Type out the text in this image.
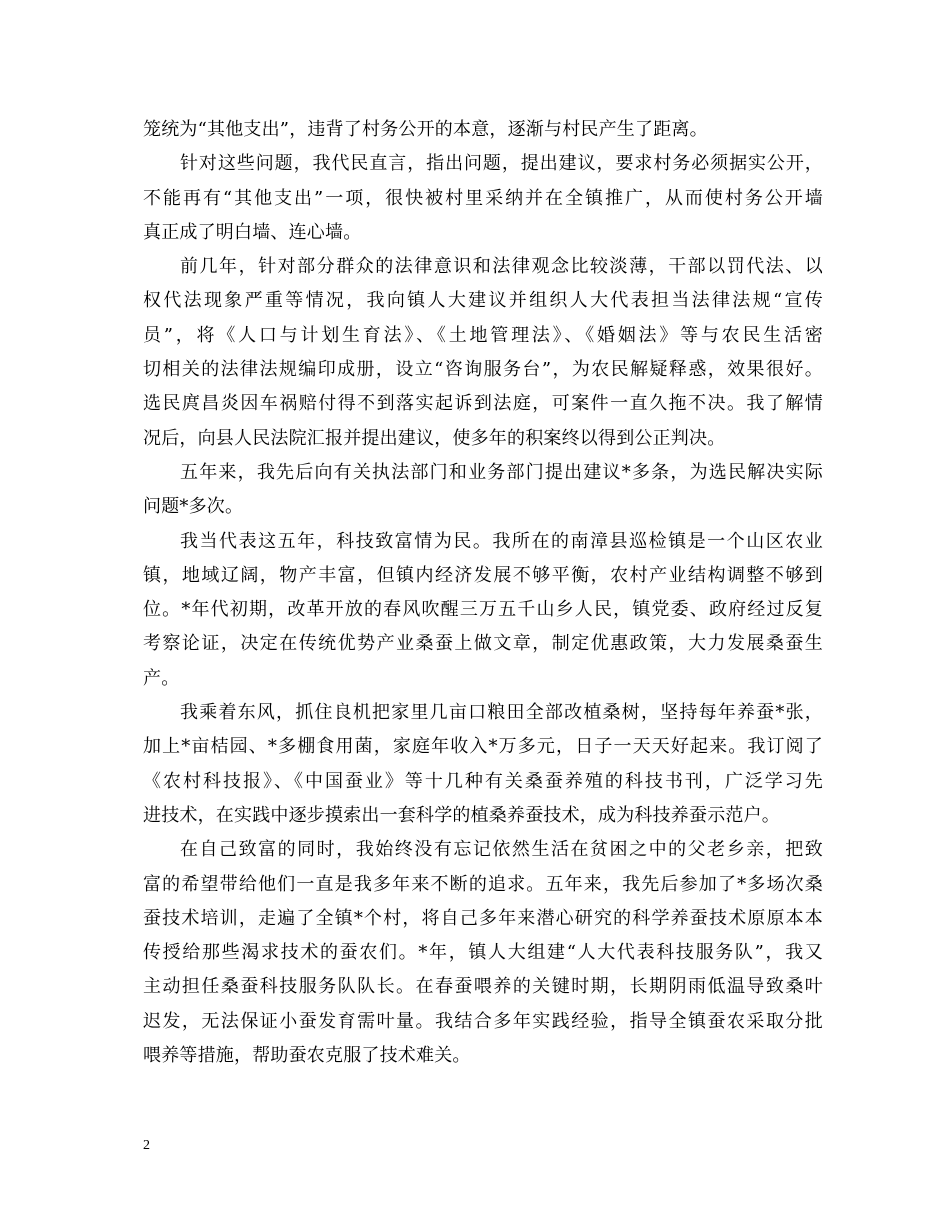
笼统为“其他支出”，违背了村务公开的本意，逐渐与村民产生了距离。
针对这些问题，我代民直言，指出问题，提出建议，要求村务必须据实公开，
不能再有“其他支出”一项，很快被村里采纳并在全镇推广，从而使村务公开墙
真正成了明白墙、连心墙。
前几年，针对部分群众的法律意识和法律观念比较淡薄，干部以罚代法、以
权代法现象严重等情况，我向镇人大建议并组织人大代表担当法律法规“宣传
员”，将《人口与计划生育法》、《土地管理法》、《婚姻法》等与农民生活密
切相关的法律法规编印成册，设立“咨询服务台”，为农民解疑释惑，效果很好。
选民庹昌炎因车祸赔付得不到落实起诉到法庭，可案件一直久拖不决。我了解情
况后，向县人民法院汇报并提出建议，使多年的积案终以得到公正判决。
五年来，我先后向有关执法部门和业务部门提出建议*多条，为选民解决实际
问题*多次。
我当代表这五年，科技致富情为民。我所在的南漳县巡检镇是一个山区农业
镇，地域辽阔，物产丰富，但镇内经济发展不够平衡，农村产业结构调整不够到
位。*年代初期，改革开放的春风吹醒三万五千山乡人民，镇党委、政府经过反复
考察论证，决定在传统优势产业桑蚕上做文章，制定优惠政策，大力发展桑蚕生
产。
我乘着东风，抓住良机把家里几亩口粮田全部改植桑树，坚持每年养蚕*张，
加上*亩桔园、*多棚食用菌，家庭年收入*万多元，日子一天天好起来。我订阅了
《农村科技报》、《中国蚕业》等十几种有关桑蚕养殖的科技书刊，广泛学习先
进技术，在实践中逐步摸索出一套科学的植桑养蚕技术，成为科技养蚕示范户。
在自己致富的同时，我始终没有忘记依然生活在贫困之中的父老乡亲，把致
富的希望带给他们一直是我多年来不断的追求。五年来，我先后参加了*多场次桑
蚕技术培训，走遍了全镇*个村，将自己多年来潜心研究的科学养蚕技术原原本本
传授给那些渴求技术的蚕农们。*年，镇人大组建“人大代表科技服务队”，我又
主动担任桑蚕科技服务队队长。在春蚕喂养的关键时期，长期阴雨低温导致桑叶
迟发，无法保证小蚕发育需叶量。我结合多年实践经验，指导全镇蚕农采取分批
喂养等措施，帮助蚕农克服了技术难关。
2
